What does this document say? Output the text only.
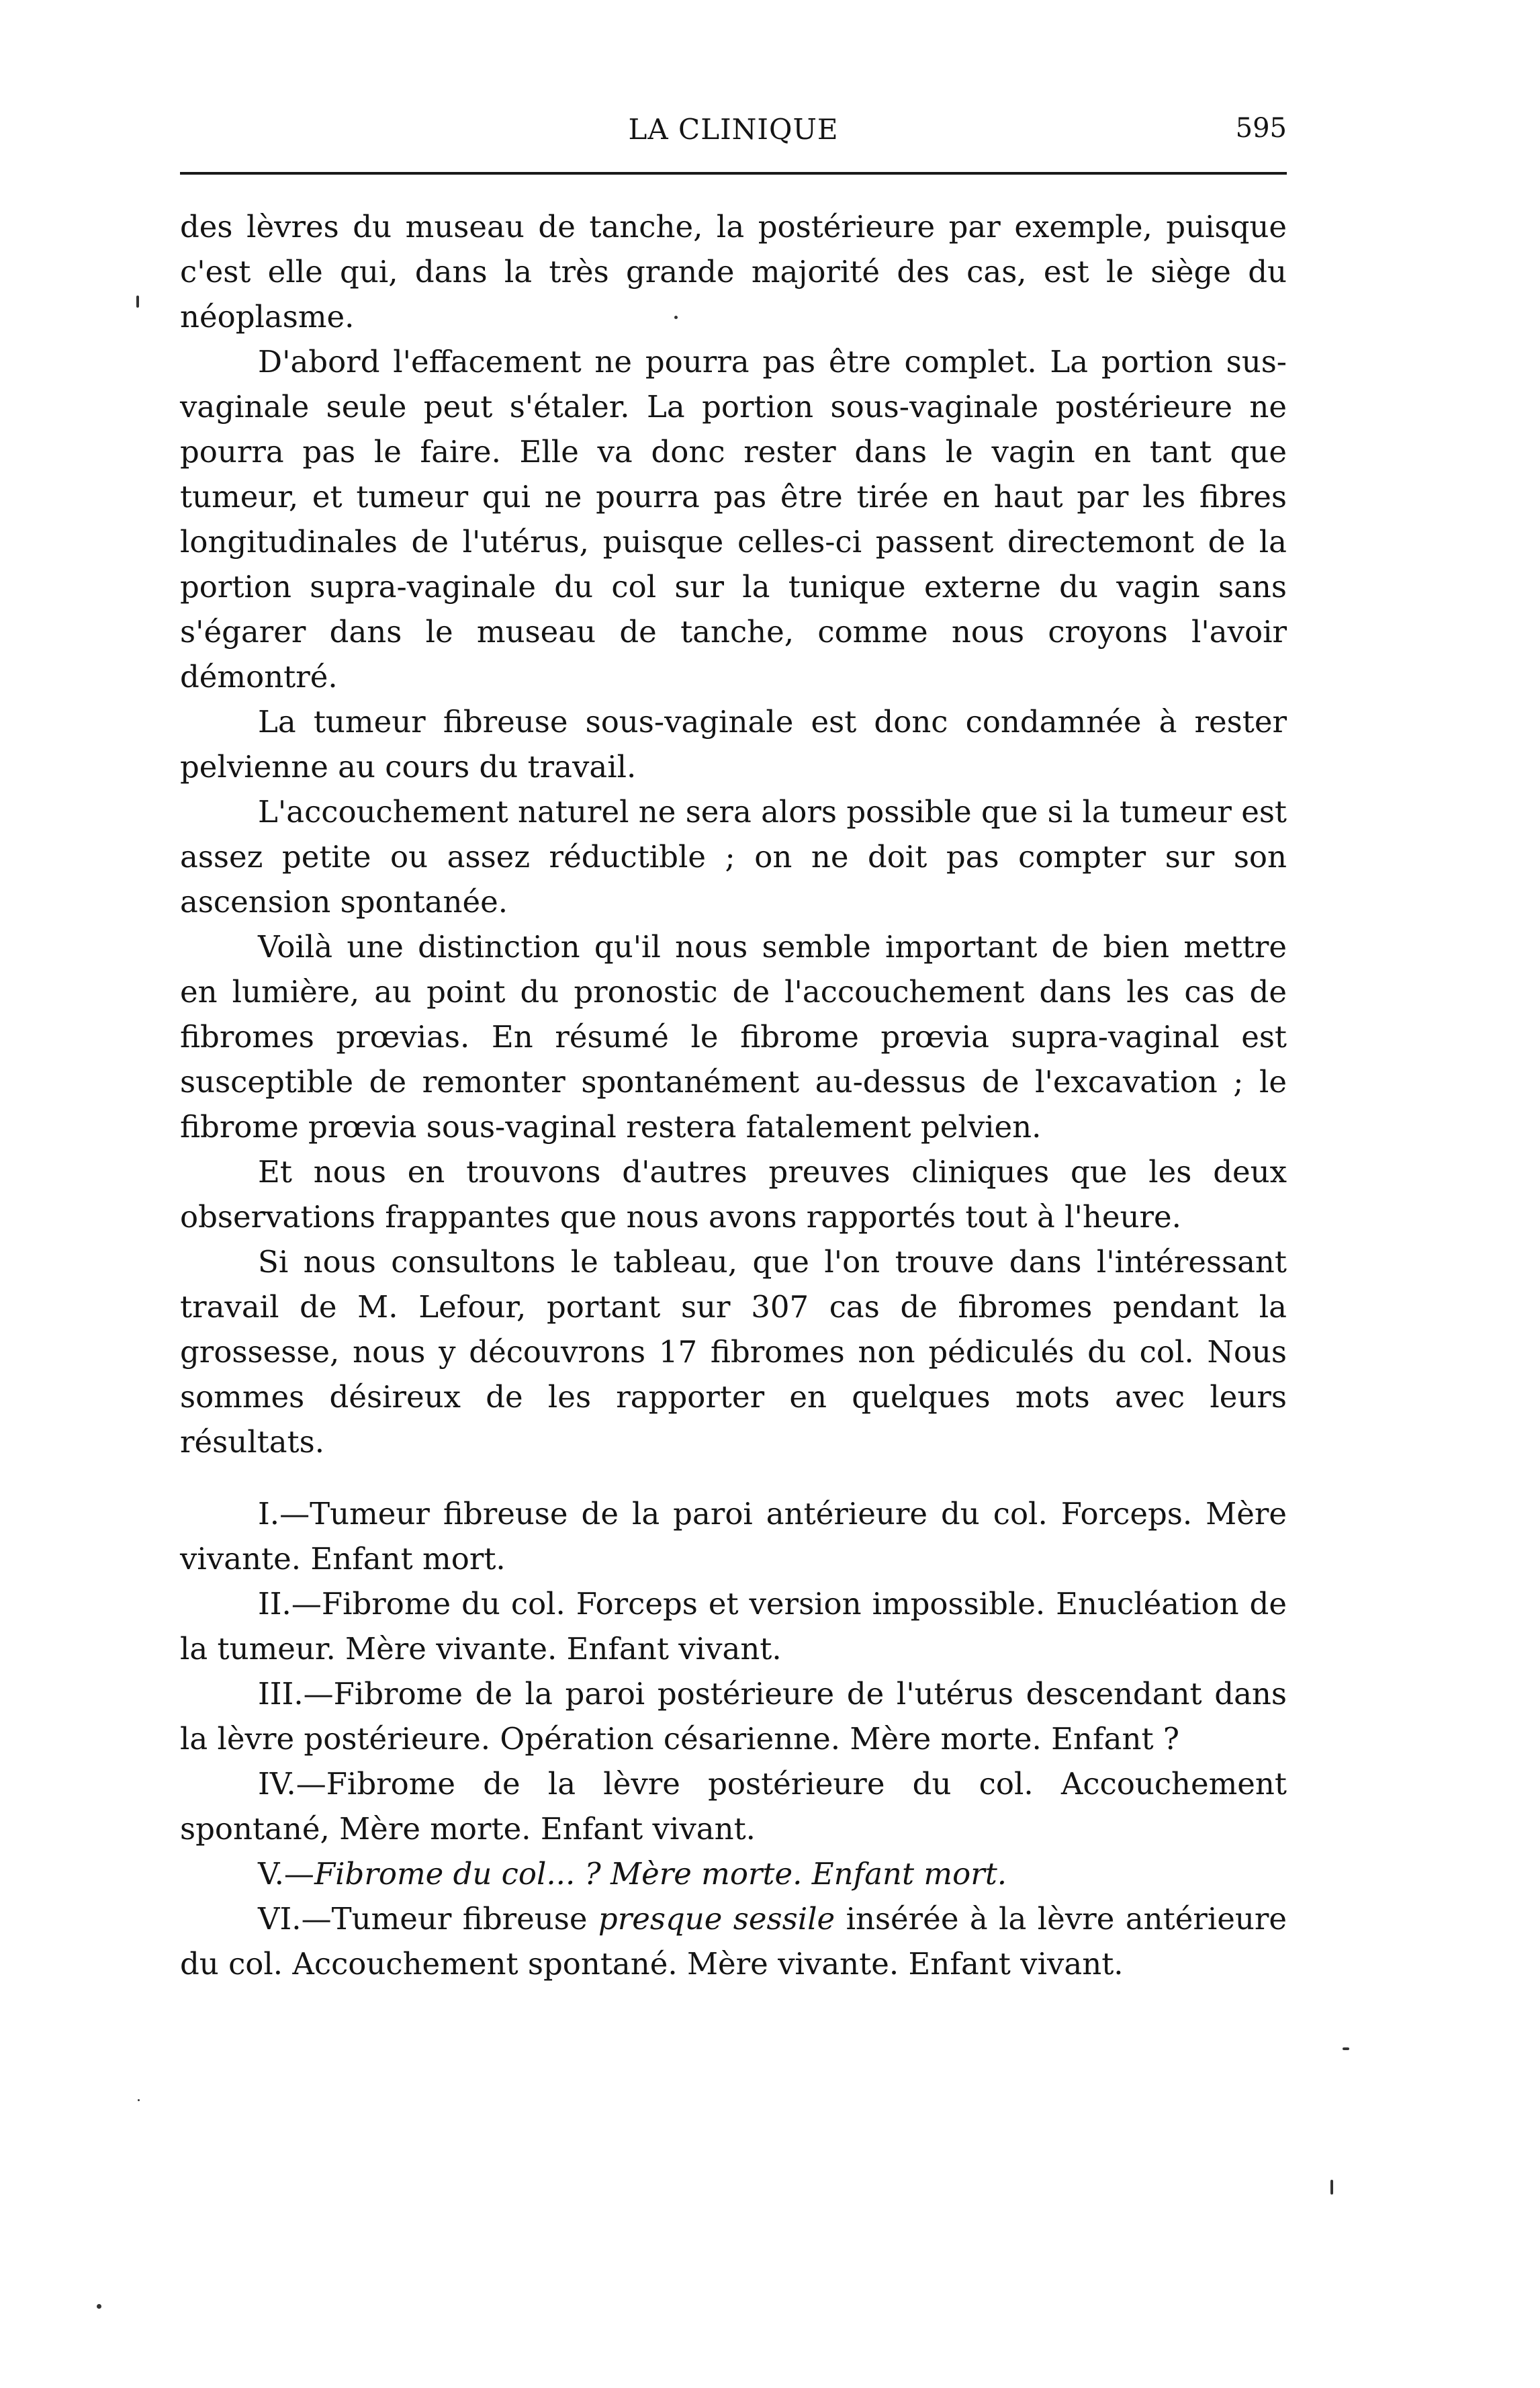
LA CLINIQUE	595

des lèvres du museau de tanche, la postérieure par exemple, puisque c'est elle qui, dans la très grande majorité des cas, est le siège du néoplasme.

D'abord l'effacement ne pourra pas être complet. La portion sus-vaginale seule peut s'étaler. La portion sous-vaginale postérieure ne pourra pas le faire. Elle va donc rester dans le vagin en tant que tumeur, et tumeur qui ne pourra pas être tirée en haut par les fibres longitudinales de l'utérus, puisque celles-ci passent directemont de la portion supra-vaginale du col sur la tunique externe du vagin sans s'égarer dans le museau de tanche, comme nous croyons l'avoir démontré.

La tumeur fibreuse sous-vaginale est donc condamnée à rester pelvienne au cours du travail.

L'accouchement naturel ne sera alors possible que si la tumeur est assez petite ou assez réductible ; on ne doit pas compter sur son ascension spontanée.

Voilà une distinction qu'il nous semble important de bien mettre en lumière, au point du pronostic de l'accouchement dans les cas de fibromes prœvias. En résumé le fibrome prœvia supra-vaginal est susceptible de remonter spontanément au-dessus de l'excavation ; le fibrome prœvia sous-vaginal restera fatalement pelvien.

Et nous en trouvons d'autres preuves cliniques que les deux observations frappantes que nous avons rapportés tout à l'heure.

Si nous consultons le tableau, que l'on trouve dans l'intéressant travail de M. Lefour, portant sur 307 cas de fibromes pendant la grossesse, nous y découvrons 17 fibromes non pédiculés du col. Nous sommes désireux de les rapporter en quelques mots avec leurs résultats.

I.—Tumeur fibreuse de la paroi antérieure du col. Forceps. Mère vivante. Enfant mort.

II.—Fibrome du col. Forceps et version impossible. Enucléation de la tumeur. Mère vivante. Enfant vivant.

III.—Fibrome de la paroi postérieure de l'utérus descendant dans la lèvre postérieure. Opération césarienne. Mère morte. Enfant ?

IV.—Fibrome de la lèvre postérieure du col. Accouchement spontané, Mère morte. Enfant vivant.

V.—Fibrome du col... ? Mère morte. Enfant mort.

VI.—Tumeur fibreuse presque sessile insérée à la lèvre antérieure du col. Accouchement spontané. Mère vivante. Enfant vivant.
